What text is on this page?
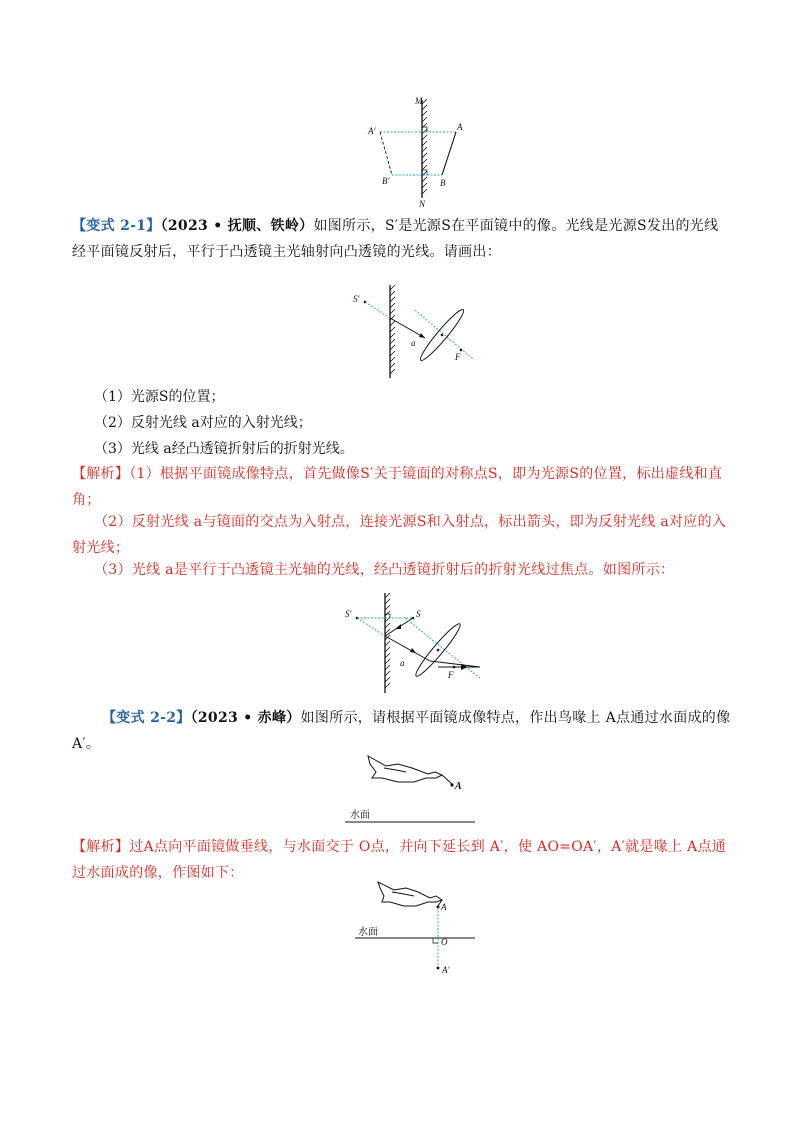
M
N
A'	A
B'	B
【变式 2-1】（2023 • 抚顺、铁岭）如图所示，S′是光源S在平面镜中的像。光线是光源S发出的光线经平面镜反射后，平行于凸透镜主光轴射向凸透镜的光线。请画出：
S'
a
F
（1）光源S的位置；
（2）反射光线 a对应的入射光线；
（3）光线 a经凸透镜折射后的折射光线。
【解析】（1）根据平面镜成像特点，首先做像S′关于镜面的对称点S，即为光源S的位置，标出虚线和直角；
（2）反射光线 a与镜面的交点为入射点，连接光源S和入射点，标出箭头，即为反射光线 a对应的入射光线；
（3）光线 a是平行于凸透镜主光轴的光线，经凸透镜折射后的折射光线过焦点。如图所示：
S'	S
a
F
【变式 2-2】（2023 • 赤峰）如图所示，请根据平面镜成像特点，作出鸟喙上 A点通过水面成的像 A′。
A
水面
【解析】过A点向平面镜做垂线，与水面交于 O点，并向下延长到 A′，使 AO=OA′，A′就是喙上 A点通过水面成的像，作图如下：
A
水面
O
A'
